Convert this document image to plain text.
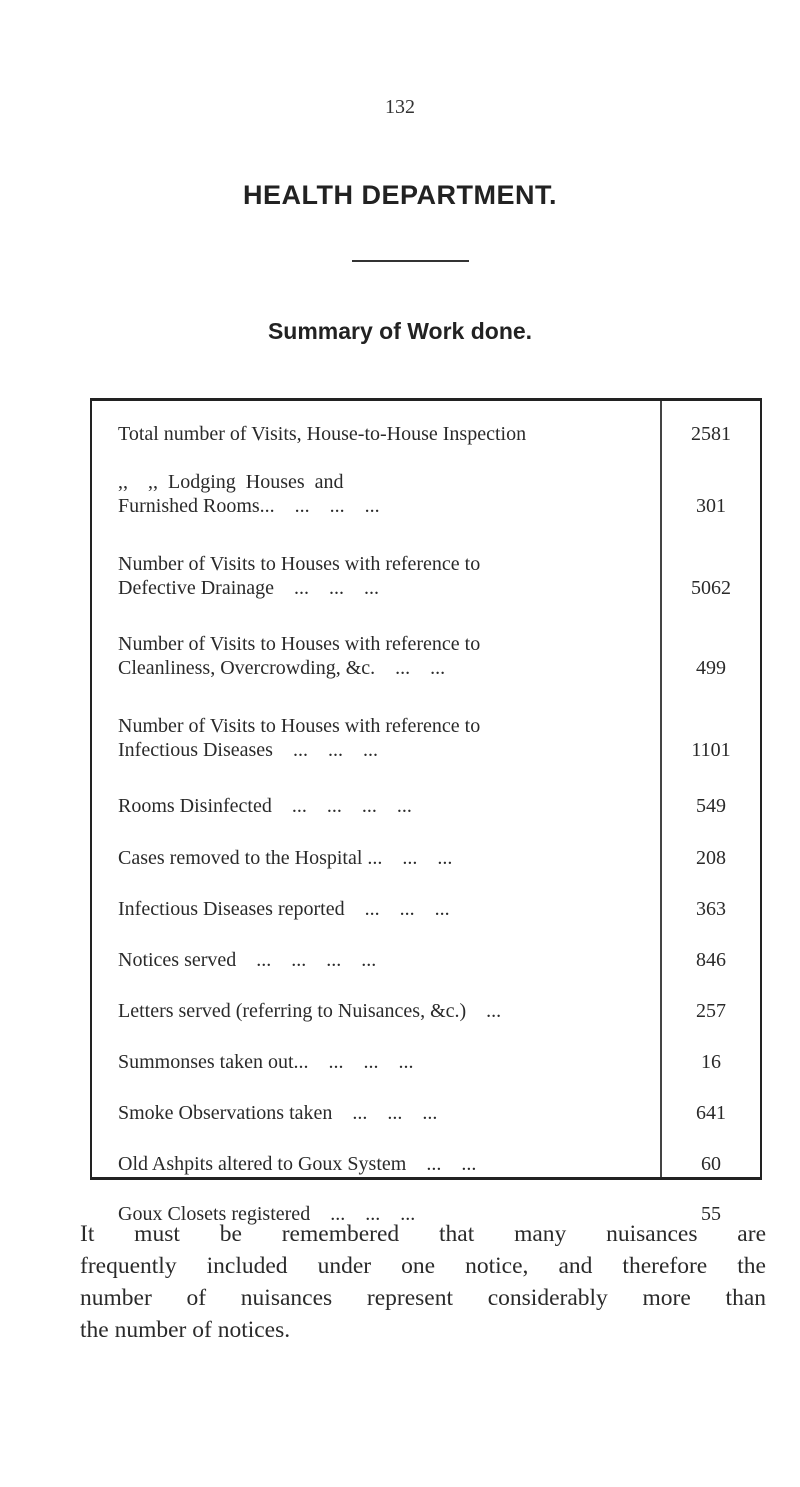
132
HEALTH DEPARTMENT.
Summary of Work done.
Total number of Visits, House-to-House Inspection	2581
,,    ,,  Lodging  Houses  and
Furnished Rooms...    ...    ...    ...	301
Number of Visits to Houses with reference to
Defective Drainage    ...    ...    ...	5062
Number of Visits to Houses with reference to
Cleanliness, Overcrowding, &c.    ...    ...	499
Number of Visits to Houses with reference to
Infectious Diseases    ...    ...    ...	1101
Rooms Disinfected    ...    ...    ...    ...	549
Cases removed to the Hospital ...    ...    ...	208
Infectious Diseases reported    ...    ...    ...	363
Notices served    ...    ...    ...    ...	846
Letters served (referring to Nuisances, &c.)    ...	257
Summonses taken out...    ...    ...    ...	16
Smoke Observations taken    ...    ...    ...	641
Old Ashpits altered to Goux System    ...    ...	60
Goux Closets registered    ...    ...    ...	55
It must be remembered that many nuisances are
frequently included under one notice, and therefore the
number of nuisances represent considerably more than
the number of notices.
